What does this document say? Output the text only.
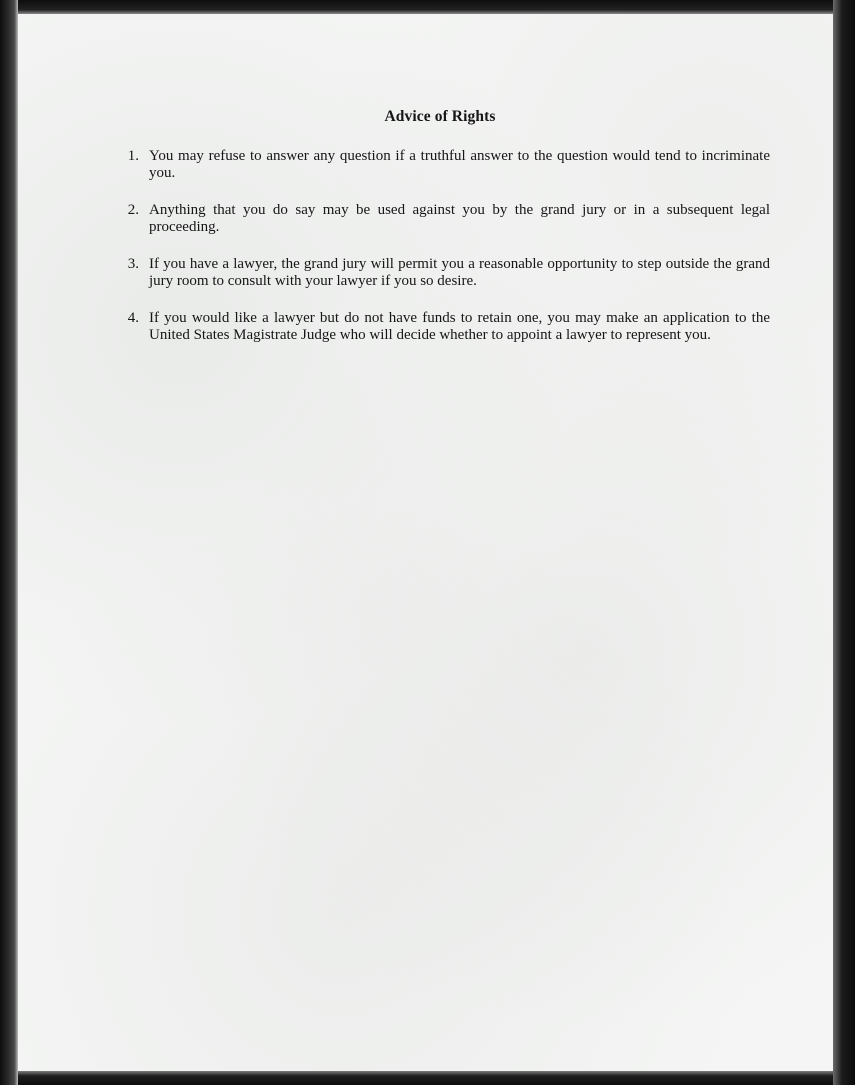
Advice of Rights
1. You may refuse to answer any question if a truthful answer to the question would tend to incriminate you.
2. Anything that you do say may be used against you by the grand jury or in a subsequent legal proceeding.
3. If you have a lawyer, the grand jury will permit you a reasonable opportunity to step outside the grand jury room to consult with your lawyer if you so desire.
4. If you would like a lawyer but do not have funds to retain one, you may make an application to the United States Magistrate Judge who will decide whether to appoint a lawyer to represent you.
